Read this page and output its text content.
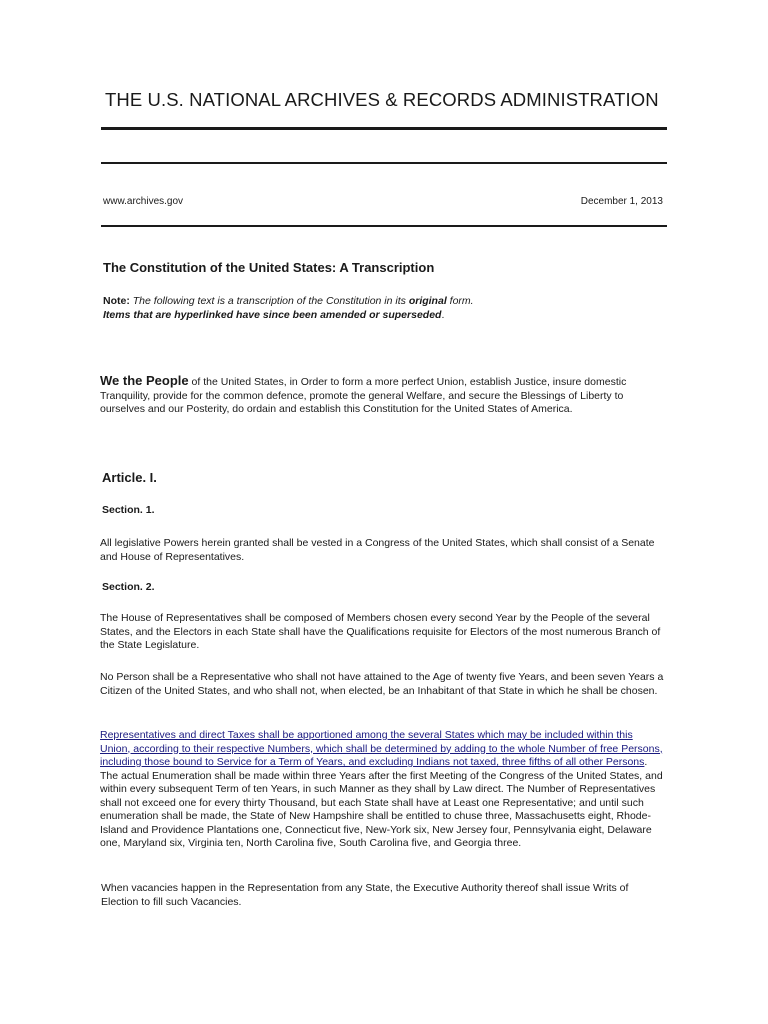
THE U.S. NATIONAL ARCHIVES & RECORDS ADMINISTRATION
www.archives.gov	December 1, 2013
The Constitution of the United States: A Transcription
Note: The following text is a transcription of the Constitution in its original form.
Items that are hyperlinked have since been amended or superseded.
We the People of the United States, in Order to form a more perfect Union, establish Justice, insure domestic Tranquility, provide for the common defence, promote the general Welfare, and secure the Blessings of Liberty to ourselves and our Posterity, do ordain and establish this Constitution for the United States of America.
Article. I.
Section. 1.
All legislative Powers herein granted shall be vested in a Congress of the United States, which shall consist of a Senate and House of Representatives.
Section. 2.
The House of Representatives shall be composed of Members chosen every second Year by the People of the several States, and the Electors in each State shall have the Qualifications requisite for Electors of the most numerous Branch of the State Legislature.
No Person shall be a Representative who shall not have attained to the Age of twenty five Years, and been seven Years a Citizen of the United States, and who shall not, when elected, be an Inhabitant of that State in which he shall be chosen.
Representatives and direct Taxes shall be apportioned among the several States which may be included within this Union, according to their respective Numbers, which shall be determined by adding to the whole Number of free Persons, including those bound to Service for a Term of Years, and excluding Indians not taxed, three fifths of all other Persons. The actual Enumeration shall be made within three Years after the first Meeting of the Congress of the United States, and within every subsequent Term of ten Years, in such Manner as they shall by Law direct. The Number of Representatives shall not exceed one for every thirty Thousand, but each State shall have at Least one Representative; and until such enumeration shall be made, the State of New Hampshire shall be entitled to chuse three, Massachusetts eight, Rhode-Island and Providence Plantations one, Connecticut five, New-York six, New Jersey four, Pennsylvania eight, Delaware one, Maryland six, Virginia ten, North Carolina five, South Carolina five, and Georgia three.
When vacancies happen in the Representation from any State, the Executive Authority thereof shall issue Writs of Election to fill such Vacancies.
